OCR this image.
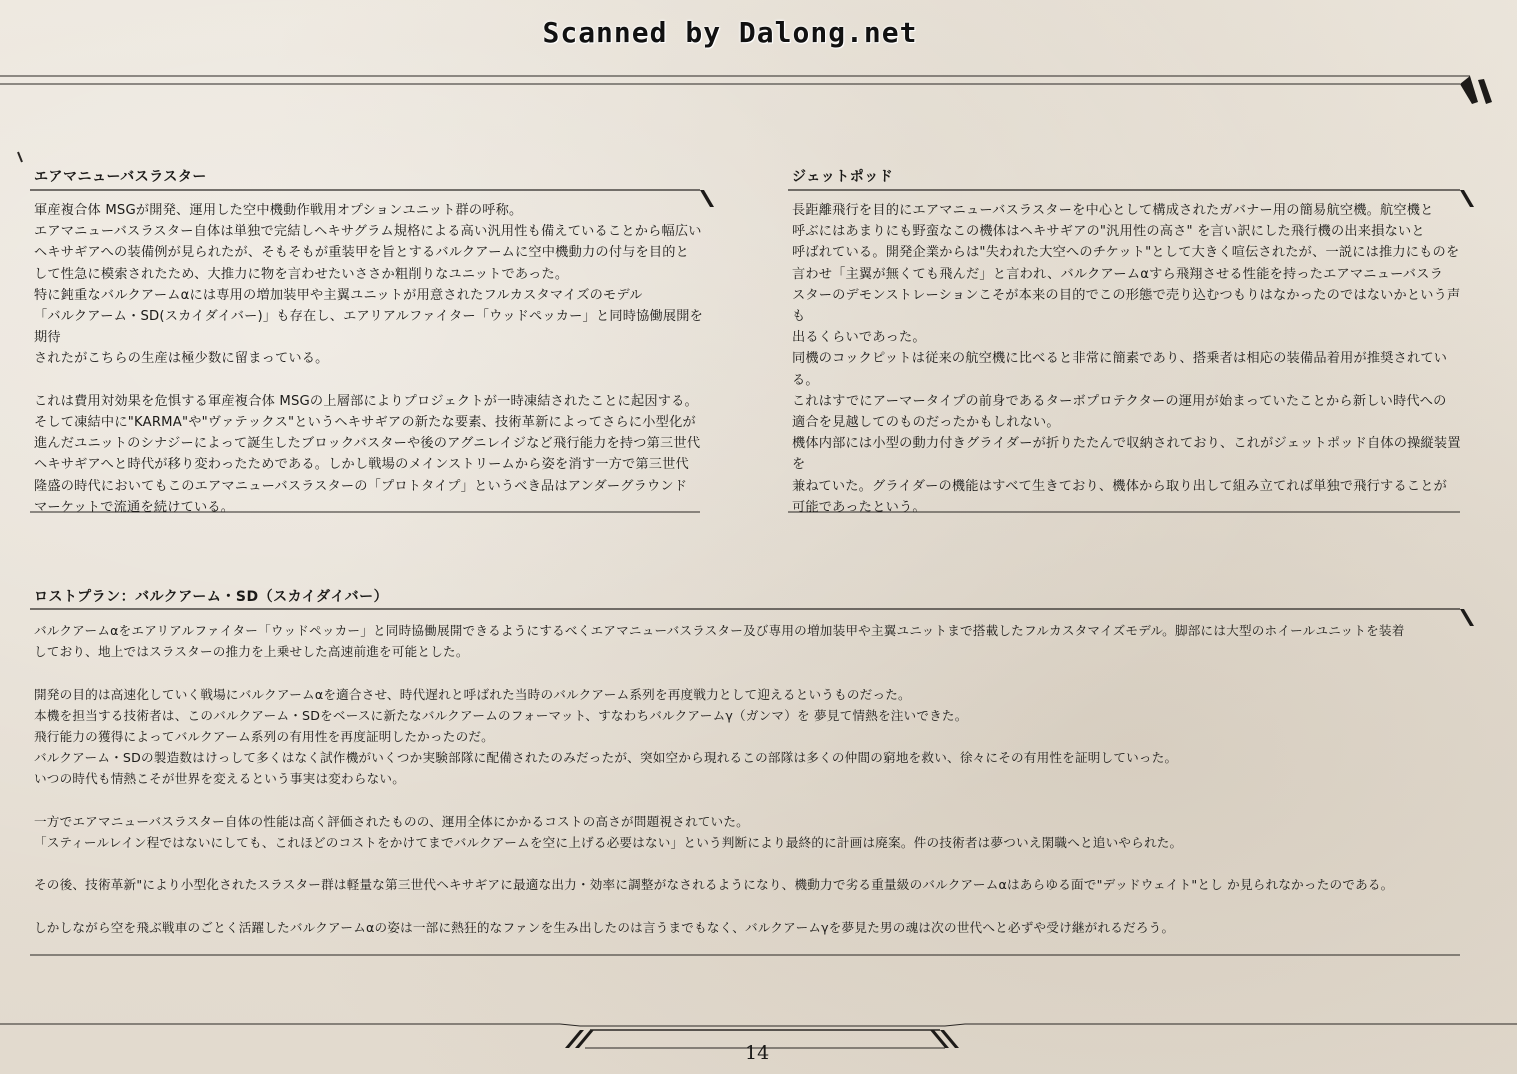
Scanned by Dalong.net
エアマニューバスラスター
軍産複合体 MSGが開発、運用した空中機動作戦用オプションユニット群の呼称。
エアマニューバスラスター自体は単独で完結しヘキサグラム規格による高い汎用性も備えていることから幅広い
ヘキサギアへの装備例が見られたが、そもそもが重装甲を旨とするバルクアームに空中機動力の付与を目的と
して性急に模索されたため、大推力に物を言わせたいささか粗削りなユニットであった。
特に鈍重なバルクアームαには専用の増加装甲や主翼ユニットが用意されたフルカスタマイズのモデル
「バルクアーム・SD(スカイダイバー)」も存在し、エアリアルファイター「ウッドペッカー」と同時協働展開を期待
されたがこちらの生産は極少数に留まっている。

これは費用対効果を危惧する軍産複合体 MSGの上層部によりプロジェクトが一時凍結されたことに起因する。
そして凍結中に"KARMA"や"ヴァテックス"というヘキサギアの新たな要素、技術革新によってさらに小型化が
進んだユニットのシナジーによって誕生したブロックバスターや後のアグニレイジなど飛行能力を持つ第三世代
ヘキサギアへと時代が移り変わったためである。しかし戦場のメインストリームから姿を消す一方で第三世代
隆盛の時代においてもこのエアマニューバスラスターの「プロトタイプ」というべき品はアンダーグラウンド
マーケットで流通を続けている。
ジェットポッド
長距離飛行を目的にエアマニューバスラスターを中心として構成されたガバナー用の簡易航空機。航空機と
呼ぶにはあまりにも野蛮なこの機体はヘキサギアの"汎用性の高さ" を言い訳にした飛行機の出来損ないと
呼ばれている。開発企業からは"失われた大空へのチケット"として大きく喧伝されたが、一説には推力にものを
言わせ「主翼が無くても飛んだ」と言われ、バルクアームαすら飛翔させる性能を持ったエアマニューバスラ
スターのデモンストレーションこそが本来の目的でこの形態で売り込むつもりはなかったのではないかという声も
出るくらいであった。
同機のコックピットは従来の航空機に比べると非常に簡素であり、搭乗者は相応の装備品着用が推奨されている。
これはすでにアーマータイプの前身であるターボプロテクターの運用が始まっていたことから新しい時代への
適合を見越してのものだったかもしれない。
機体内部には小型の動力付きグライダーが折りたたんで収納されており、これがジェットポッド自体の操縦装置を
兼ねていた。グライダーの機能はすべて生きており、機体から取り出して組み立てれば単独で飛行することが
可能であったという。
ロストプラン：バルクアーム・SD（スカイダイバー）
バルクアームαをエアリアルファイター「ウッドペッカー」と同時協働展開できるようにするべくエアマニューバスラスター及び専用の増加装甲や主翼ユニットまで搭載したフルカスタマイズモデル。脚部には大型のホイールユニットを装着
しており、地上ではスラスターの推力を上乗せした高速前進を可能とした。

開発の目的は高速化していく戦場にバルクアームαを適合させ、時代遅れと呼ばれた当時のバルクアーム系列を再度戦力として迎えるというものだった。
本機を担当する技術者は、このバルクアーム・SDをベースに新たなバルクアームのフォーマット、すなわちバルクアームγ（ガンマ）を 夢見て情熱を注いできた。
飛行能力の獲得によってバルクアーム系列の有用性を再度証明したかったのだ。
バルクアーム・SDの製造数はけっして多くはなく試作機がいくつか実験部隊に配備されたのみだったが、突如空から現れるこの部隊は多くの仲間の窮地を救い、徐々にその有用性を証明していった。
いつの時代も情熱こそが世界を変えるという事実は変わらない。

一方でエアマニューバスラスター自体の性能は高く評価されたものの、運用全体にかかるコストの高さが問題視されていた。
「スティールレイン程ではないにしても、これほどのコストをかけてまでバルクアームを空に上げる必要はない」という判断により最終的に計画は廃案。件の技術者は夢ついえ閑職へと追いやられた。

その後、技術革新"により小型化されたスラスター群は軽量な第三世代ヘキサギアに最適な出力・効率に調整がなされるようになり、機動力で劣る重量級のバルクアームαはあらゆる面で"デッドウェイト"とし か見られなかったのである。

しかしながら空を飛ぶ戦車のごとく活躍したバルクアームαの姿は一部に熱狂的なファンを生み出したのは言うまでもなく、バルクアームγを夢見た男の魂は次の世代へと必ずや受け継がれるだろう。
14
